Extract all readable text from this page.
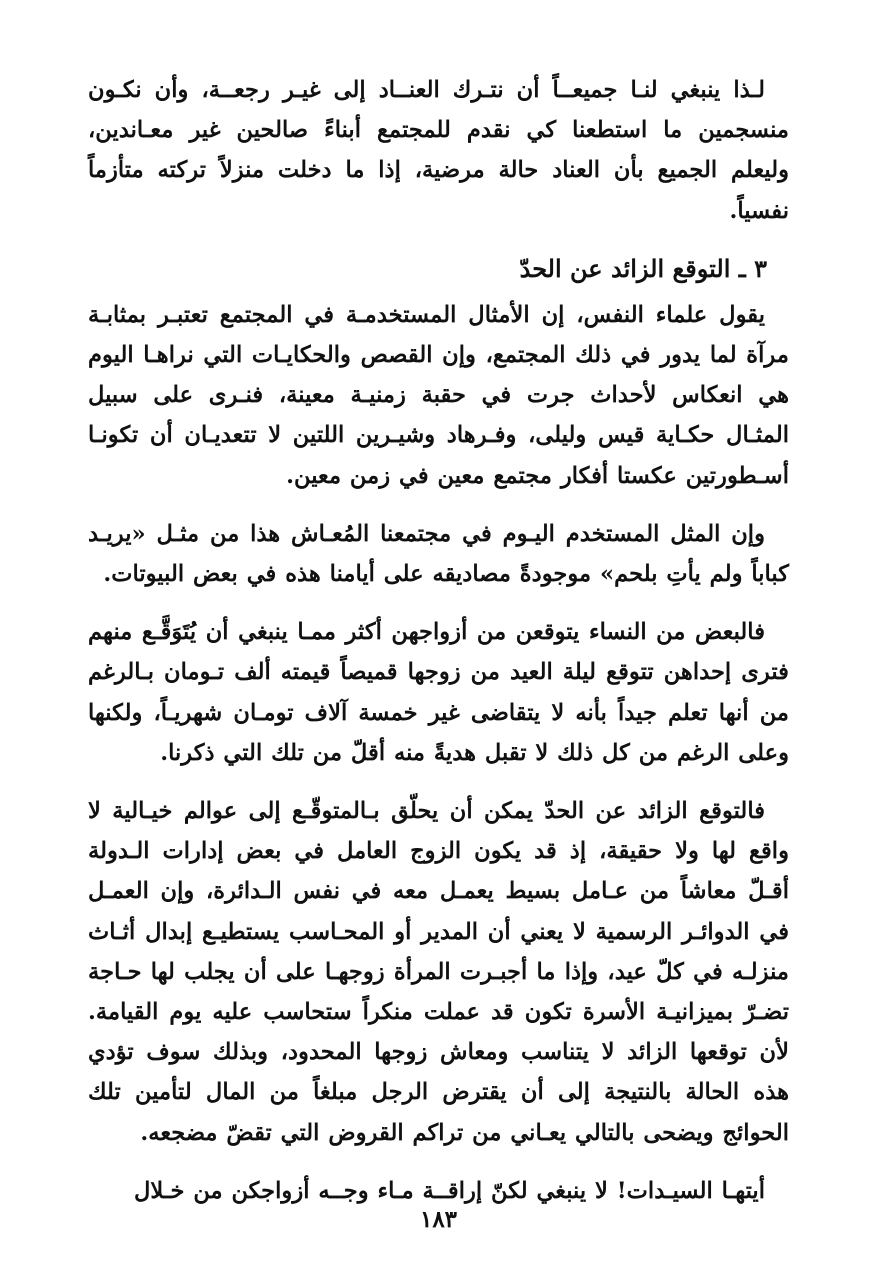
لـذا ينبغي لنـا جميعــاً أن نتـرك العنــاد إلى غيـر رجعــة، وأن نكـون منسجمين ما استطعنا كي نقدم للمجتمع أبناءً صالحين غير معـاندين، وليعلم الجميع بأن العناد حالة مرضية، إذا ما دخلت منزلاً تركته متأزماً نفسياً.

٣ ـ التوقع الزائد عن الحدّ

يقول علماء النفس، إن الأمثال المستخدمـة في المجتمع تعتبـر بمثابـة مرآة لما يدور في ذلك المجتمع، وإن القصص والحكايـات التي نراهـا اليوم هي انعكاس لأحداث جرت في حقبة زمنيـة معينة، فنـرى على سبيل المثـال حكـاية قيس وليلى، وفـرهاد وشيـرين اللتين لا تتعديـان أن تكونـا أسـطورتين عكستا أفكار مجتمع معين في زمن معين.

وإن المثل المستخدم اليـوم في مجتمعنا المُعـاش هذا من مثـل «يريـد كباباً ولم يأتِ بلحم» موجودةً مصاديقه على أيامنا هذه في بعض البيوتات.

فالبعض من النساء يتوقعن من أزواجهن أكثر ممـا ينبغي أن يُتَوَقَّـع منهم فترى إحداهن تتوقع ليلة العيد من زوجها قميصاً قيمته ألف تـومان بـالرغم من أنها تعلم جيداً بأنه لا يتقاضى غير خمسة آلاف تومـان شهريـاً، ولكنها وعلى الرغم من كل ذلك لا تقبل هديةً منه أقلّ من تلك التي ذكرنا.

فالتوقع الزائد عن الحدّ يمكن أن يحلّق بـالمتوقّـع إلى عوالم خيـالية لا واقع لها ولا حقيقة، إذ قد يكون الزوج العامل في بعض إدارات الـدولة أقـلّ معاشاً من عـامل بسيط يعمـل معه في نفس الـدائرة، وإن العمـل في الدوائـر الرسمية لا يعني أن المدير أو المحـاسب يستطيـع إبدال أثـاث منزلـه في كلّ عيد، وإذا ما أجبـرت المرأة زوجهـا على أن يجلب لها حـاجة تضـرّ بميزانيـة الأسرة تكون قد عملت منكراً ستحاسب عليه يوم القيامة. لأن توقعها الزائد لا يتناسب ومعاش زوجها المحدود، وبذلك سوف تؤدي هذه الحالة بالنتيجة إلى أن يقترض الرجل مبلغاً من المال لتأمين تلك الحوائج ويضحى بالتالي يعـاني من تراكم القروض التي تقضّ مضجعه.

أيتهـا السيـدات! لا ينبغي لكنّ إراقــة مـاء وجــه أزواجكن من خـلال

١٨٣
